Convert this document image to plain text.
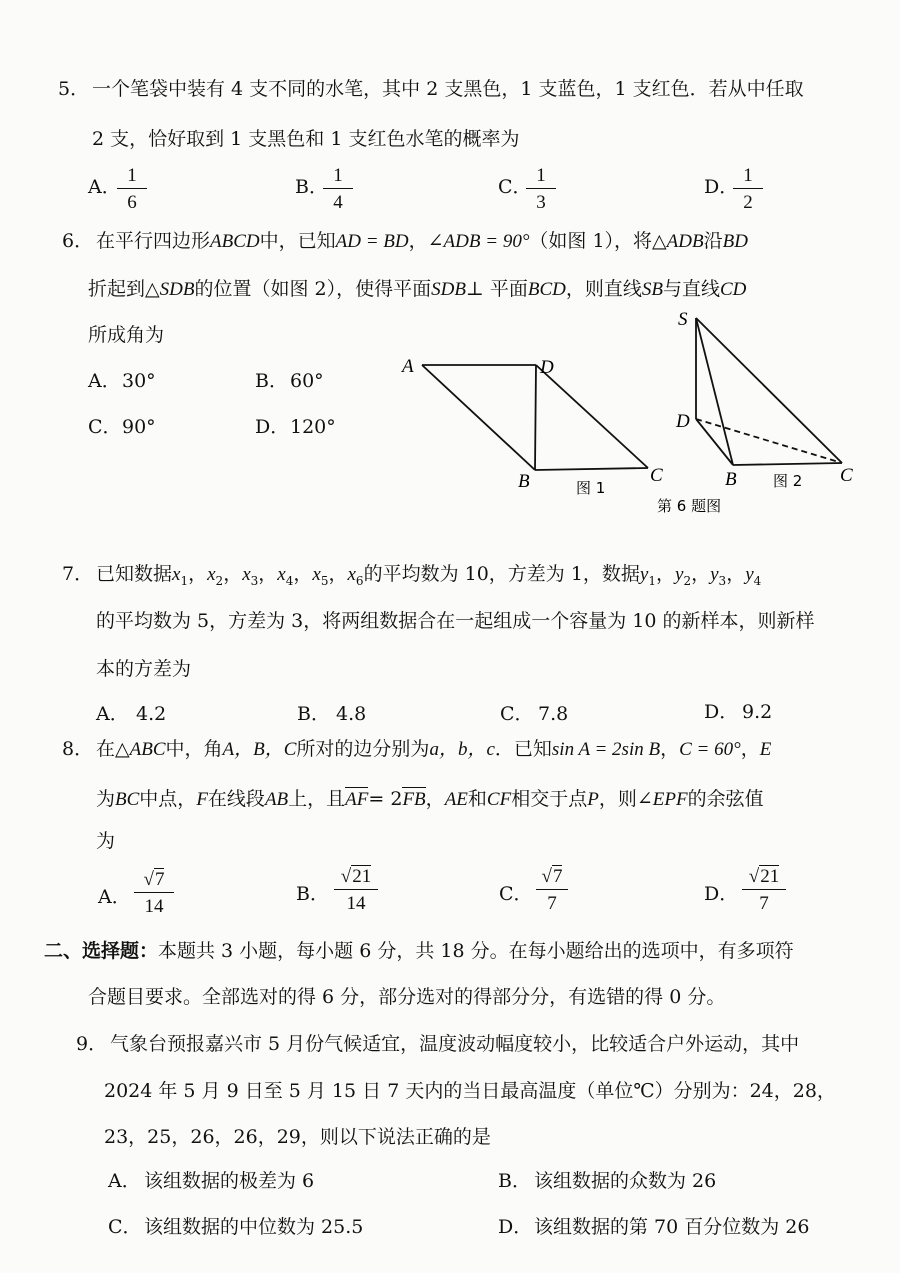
5． 一个笔袋中装有 4 支不同的水笔，其中 2 支黑色，1 支蓝色，1 支红色．若从中任取
2 支，恰好取到 1 支黑色和 1 支红色水笔的概率为
A．
1
6
B．
1
4
C．
1
3
D．
1
2
6． 在平行四边形ABCD中，已知AD = BD，∠ADB = 90°（如图 1），将△ADB沿BD
折起到△SDB的位置（如图 2），使得平面SDB⊥ 平面BCD，则直线SB与直线CD
所成角为
A． 30°	B． 60°
C． 90°	D． 120°
A	D
B	C
图 1
S
D
B	C
图 2
第 6 题图
7． 已知数据$x_1$，$x_2$，$x_3$，$x_4$，$x_5$，$x_6$的平均数为 10，方差为 1，数据$y_1$，$y_2$，$y_3$，$y_4$
的平均数为 5，方差为 3，将两组数据合在一起组成一个容量为 10 的新样本，则新样
本的方差为
A． 4.2	B． 4.8	C． 7.8	D． 9.2
8． 在△ABC中，角A，B，C所对的边分别为a，b，c．已知sin A = 2sin B，C = 60°，E
为BC中点，F在线段AB上，且AF= 2FB，AE和CF相交于点P，则∠EPF的余弦值
为
A．
√7
14
B．
√21
14	C．
√7
7	D．
√21
7
二、选择题：本题共 3 小题，每小题 6 分，共 18 分。在每小题给出的选项中，有多项符
合题目要求。全部选对的得 6 分，部分选对的得部分分，有选错的得 0 分。
9． 气象台预报嘉兴市 5 月份气候适宜，温度波动幅度较小，比较适合户外运动，其中
2024 年 5 月 9 日至 5 月 15 日 7 天内的当日最高温度（单位℃）分别为：24，28，
23，25，26，26，29，则以下说法正确的是
A． 该组数据的极差为 6	B． 该组数据的众数为 26
C． 该组数据的中位数为 25.5	D． 该组数据的第 70 百分位数为 26
